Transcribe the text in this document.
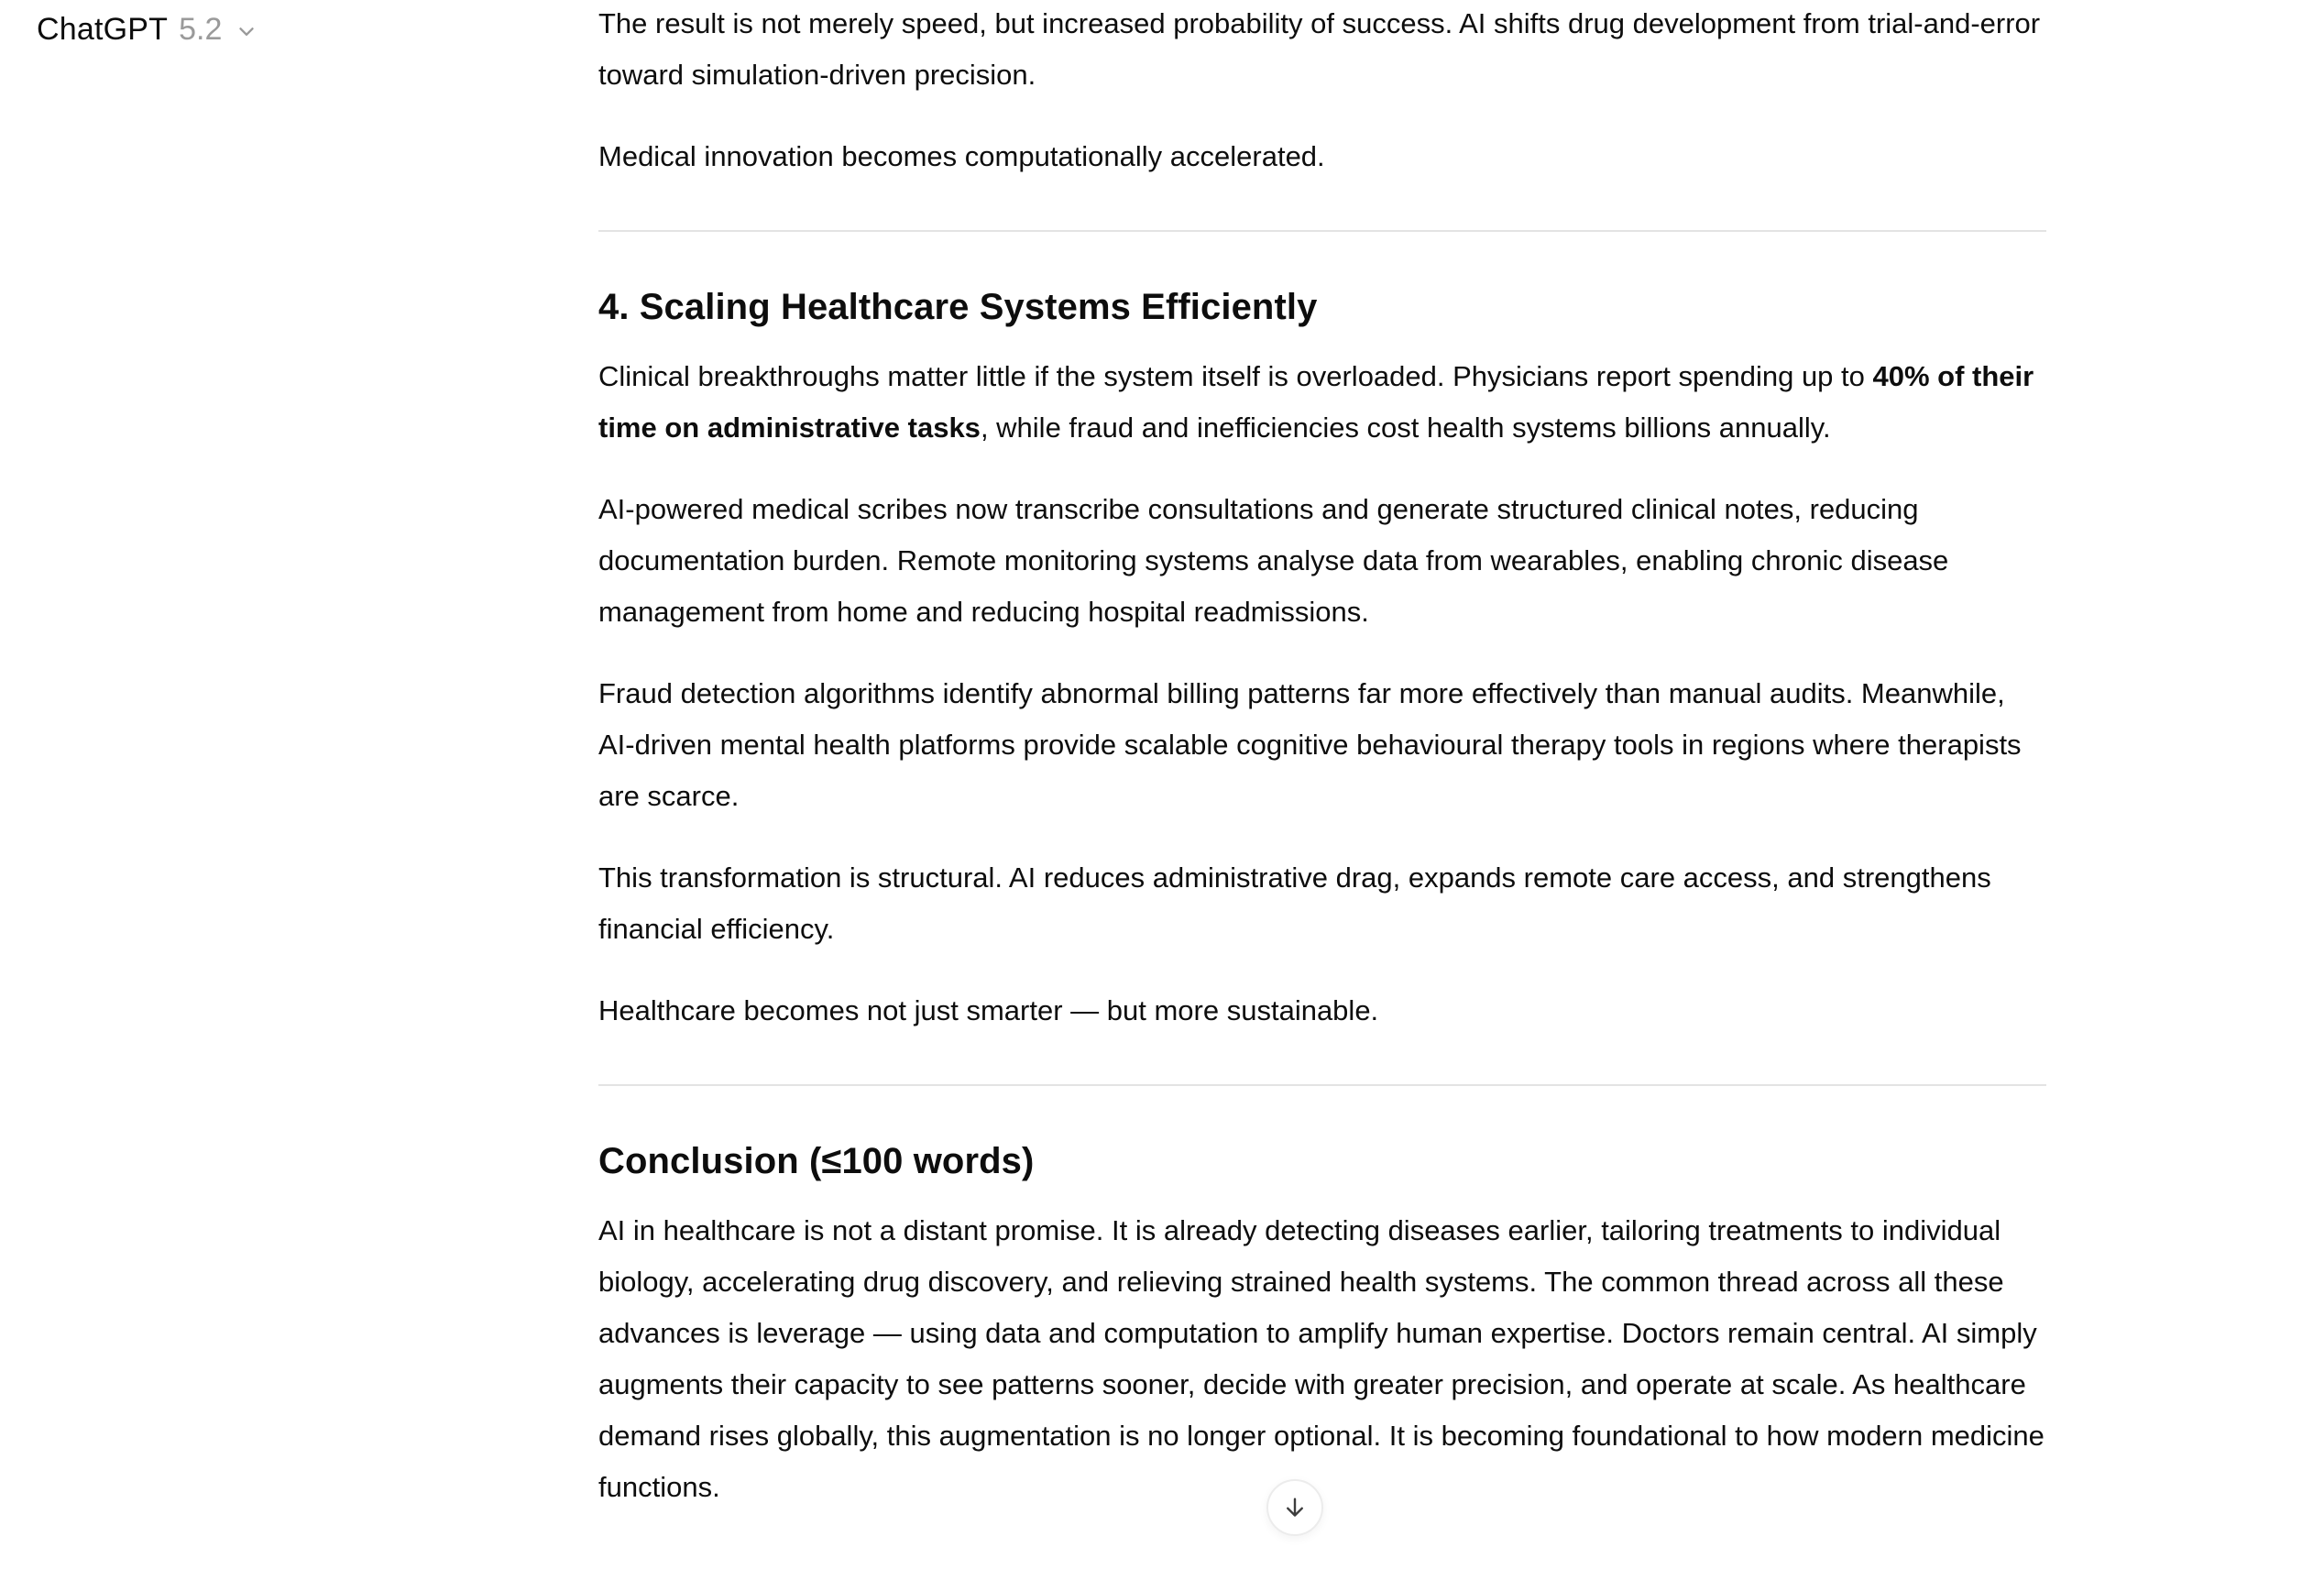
ChatGPT 5.2	The result is not merely speed, but increased probability of success. AI shifts drug development from trial-and-error toward simulation-driven precision.

Medical innovation becomes computationally accelerated.

4. Scaling Healthcare Systems Efficiently

Clinical breakthroughs matter little if the system itself is overloaded. Physicians report spending up to 40% of their time on administrative tasks, while fraud and inefficiencies cost health systems billions annually.

AI-powered medical scribes now transcribe consultations and generate structured clinical notes, reducing documentation burden. Remote monitoring systems analyse data from wearables, enabling chronic disease management from home and reducing hospital readmissions.

Fraud detection algorithms identify abnormal billing patterns far more effectively than manual audits. Meanwhile, AI-driven mental health platforms provide scalable cognitive behavioural therapy tools in regions where therapists are scarce.

This transformation is structural. AI reduces administrative drag, expands remote care access, and strengthens financial efficiency.

Healthcare becomes not just smarter — but more sustainable.

Conclusion (≤100 words)

AI in healthcare is not a distant promise. It is already detecting diseases earlier, tailoring treatments to individual biology, accelerating drug discovery, and relieving strained health systems. The common thread across all these advances is leverage — using data and computation to amplify human expertise. Doctors remain central. AI simply augments their capacity to see patterns sooner, decide with greater precision, and operate at scale. As healthcare demand rises globally, this augmentation is no longer optional. It is becoming foundational to how modern medicine functions.
